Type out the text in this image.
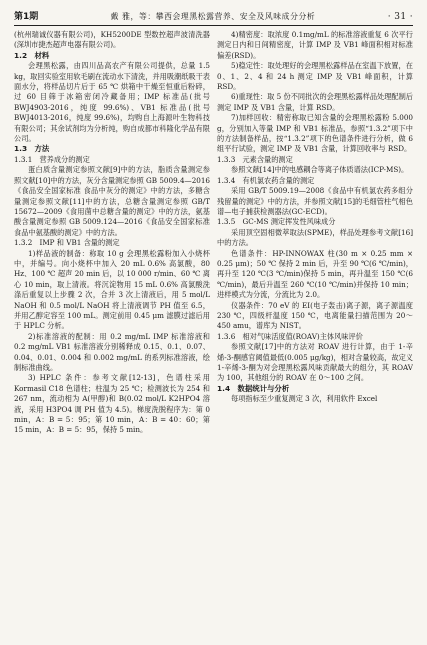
第1期	戴 雅，等：攀西会理黑松露营养、安全及风味成分分析	· 31 ·

(杭州瑞诚仪器有限公司)，KH5200DE 型数控超声波清洗器(深圳市捷杰超声电器有限公司)。

1.2　材料

会理黑松露，由四川品高农产有限公司提供，总量 1.5 kg，取回实验室用软毛刷在流动水下清洗，并用吸潮纸吸干表面水分，将样品切片后于 65 ℃ 烘箱中干燥至恒重后粉碎，过 60 目筛于冰箱密闭冷藏备用；IMP 标准品(批号 BWJ4903-2016，纯度 99.6%)、VB1 标准品(批号 BWJ4013-2016，纯度 99.6%)，均购自上海源叶生物科技有限公司；其余试剂均为分析纯，购自成都市科隆化学品有限公司。

1.3　方法

1.3.1　营养成分的测定

蛋白质含量测定参照文献[9]中的方法，脂质含量测定参照文献[10]中的方法，灰分含量测定参照 GB 5009.4—2016《食品安全国家标准 食品中灰分的测定》中的方法，多糖含量测定参照文献[11]中的方法，总糖含量测定参照 GB/T 15672—2009《食用菌中总糖含量的测定》中的方法，氨基酸含量测定参照 GB 5009.124—2016《食品安全国家标准 食品中氨基酸的测定》中的方法。

1.3.2　IMP 和 VB1 含量的测定

1)样品液的制备：称取 10 g 会理黑松露粉加入小烧杯中，并编号。向小烧杯中加入 20 mL 0.6% 高氯酸，80 Hz、100 ℃ 超声 20 min 后，以 10 000 r/min、60 ℃ 离心 10 min，取上清液。将沉淀物用 15 mL 0.6% 高氯酸洗涤后重复以上步骤 2 次，合并 3 次上清液后，用 5 mol/L NaOH 和 0.5 mol/L NaOH 将上清液调节 PH 值至 6.5，并用乙醇定容至 100 mL。测定前用 0.45 μm 滤膜过滤后用于 HPLC 分析。

2)标准溶液的配制：用 0.2 mg/mL IMP 标准溶液和 0.2 mg/mL VB1 标准溶液分别稀释成 0.15、0.1、0.07、0.04、0.01、0.004 和 0.002 mg/mL 的系列标准溶液，绘制标准曲线。

3) HPLC 条件：参考文献[12-13]，色谱柱采用 Kormasil C18 色谱柱；柱温为 25 ℃；检测波长为 254 和 267 nm，流动相为 A(甲醇)和 B(0.02 mol/L K2HPO4 溶液，采用 H3PO4 调 PH 值为 4.5)。梯度洗脱程序为：第 0 min，A：B = 5：95；第 10 min，A：B = 40：60；第 15 min，A：B = 5：95，保持 5 min。

4)精密度：取浓度 0.1mg/mL 的标准溶液重复 6 次平行测定日内和日间精密度，计算 IMP 及 VB1 峰面积相对标准偏差(RSD)。

5)稳定性：取处理好的会理黑松露样品在室温下放置，在 0、1、2、4 和 24 h 测定 IMP 及 VB1 峰面积，计算 RSD。

6)重现性：取 5 份不同批次的会理黑松露样品处理配制后测定 IMP 及 VB1 含量，计算 RSD。

7)加样回收：精密称取已知含量的会理黑松露粉 5.000 g，分别加入等量 IMP 和 VB1 标准品，参照“1.3.2”项下中的方法制备样品，按“1.3.2”项下的色谱条件进行分析，做 6 组平行试验，测定 IMP 及 VB1 含量，计算回收率与 RSD。

1.3.3　元素含量的测定

参照文献[14]中的电感耦合等离子体质谱法(ICP-MS)。

1.3.4　有机氯农药含量的测定

采用 GB/T 5009.19—2008《食品中有机氯农药多组分残留量的测定》中的方法，并参照文献[15]的毛细管柱气相色谱—电子捕获检测器法(GC-ECD)。

1.3.5　GC-MS 测定挥发性风味成分

采用顶空固相微萃取法(SPME)，样品处理参考文献[16]中的方法。

色谱条件：HP-INNOWAX 柱(30 m × 0.25 mm × 0.25 μm)；50 ℃ 保持 2 min 后，升至 90 ℃(6 ℃/min)，再升至 120 ℃(3 ℃/min)保持 5 min，再升温至 150 ℃(6 ℃/min)，最后升温至 260 ℃(10 ℃/min)并保持 10 min；进样模式为分流，分流比为 2.0。

仪器条件：70 eV 的 EI(电子轰击)离子源，离子源温度 230 ℃，四级杆温度 150 ℃，电离能量扫描范围为 20～450 amu，谱库为 NIST。

1.3.6　相对气味活度值(ROAV)主体风味评价

参照文献[17]中的方法对 ROAV 进行计算，由于 1-辛烯-3-酮感官阈值最低(0.005 μg/kg)，相对含量较高，故定义 1-辛烯-3-酮为对会理黑松露风味贡献最大的组分，其 ROAV 为 100，其他组分的 ROAV 在 0～100 之间。

1.4　数据统计与分析

每项指标至少重复测定 3 次，利用软件 Excel
